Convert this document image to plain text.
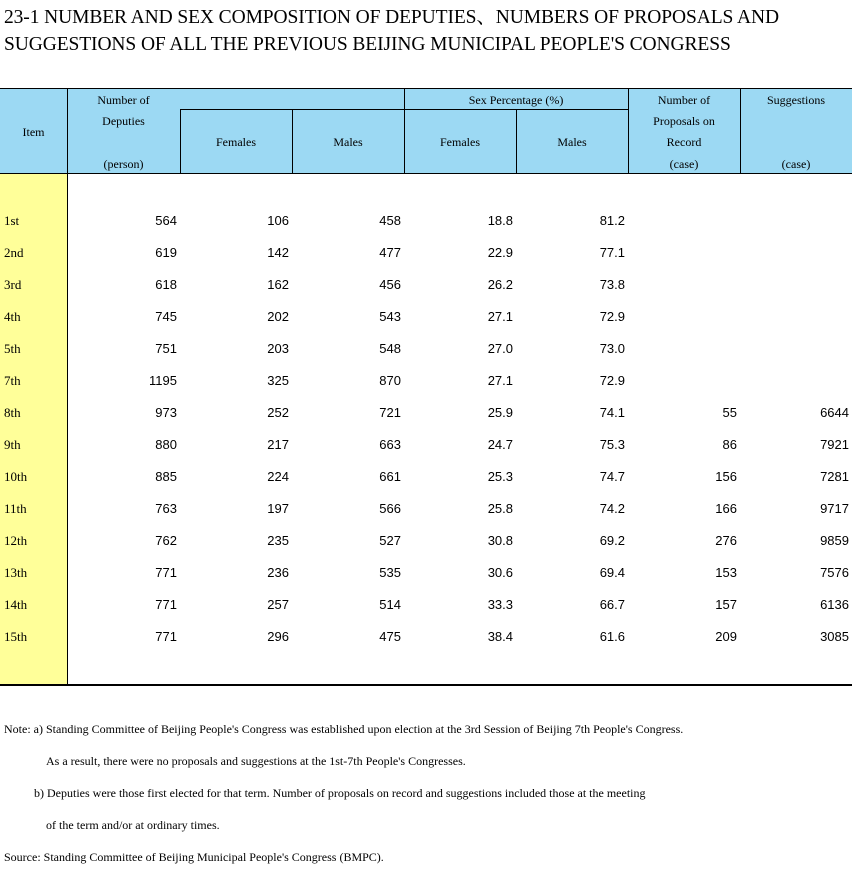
23-1 NUMBER AND SEX COMPOSITION OF DEPUTIES、NUMBERS OF PROPOSALS AND
SUGGESTIONS OF ALL THE PREVIOUS BEIJING MUNICIPAL PEOPLE'S CONGRESS
Item
Number of
Deputies
(person)
Females	Males
Sex Percentage (%)
Females	Males
Number of
Proposals on
Record
(case)
Suggestions
(case)
1st	564	106	458	18.8	81.2
2nd	619	142	477	22.9	77.1
3rd	618	162	456	26.2	73.8
4th	745	202	543	27.1	72.9
5th	751	203	548	27.0	73.0
7th	1195	325	870	27.1	72.9
8th	973	252	721	25.9	74.1	55	6644
9th	880	217	663	24.7	75.3	86	7921
10th	885	224	661	25.3	74.7	156	7281
11th	763	197	566	25.8	74.2	166	9717
12th	762	235	527	30.8	69.2	276	9859
13th	771	236	535	30.6	69.4	153	7576
14th	771	257	514	33.3	66.7	157	6136
15th	771	296	475	38.4	61.6	209	3085
Note: a) Standing Committee of Beijing People's Congress was established upon election at the 3rd Session of Beijing 7th People's Congress.
As a result, there were no proposals and suggestions at the 1st-7th People's Congresses.
b) Deputies were those first elected for that term. Number of proposals on record and suggestions included those at the meeting
of the term and/or at ordinary times.
Source: Standing Committee of Beijing Municipal People's Congress (BMPC).
